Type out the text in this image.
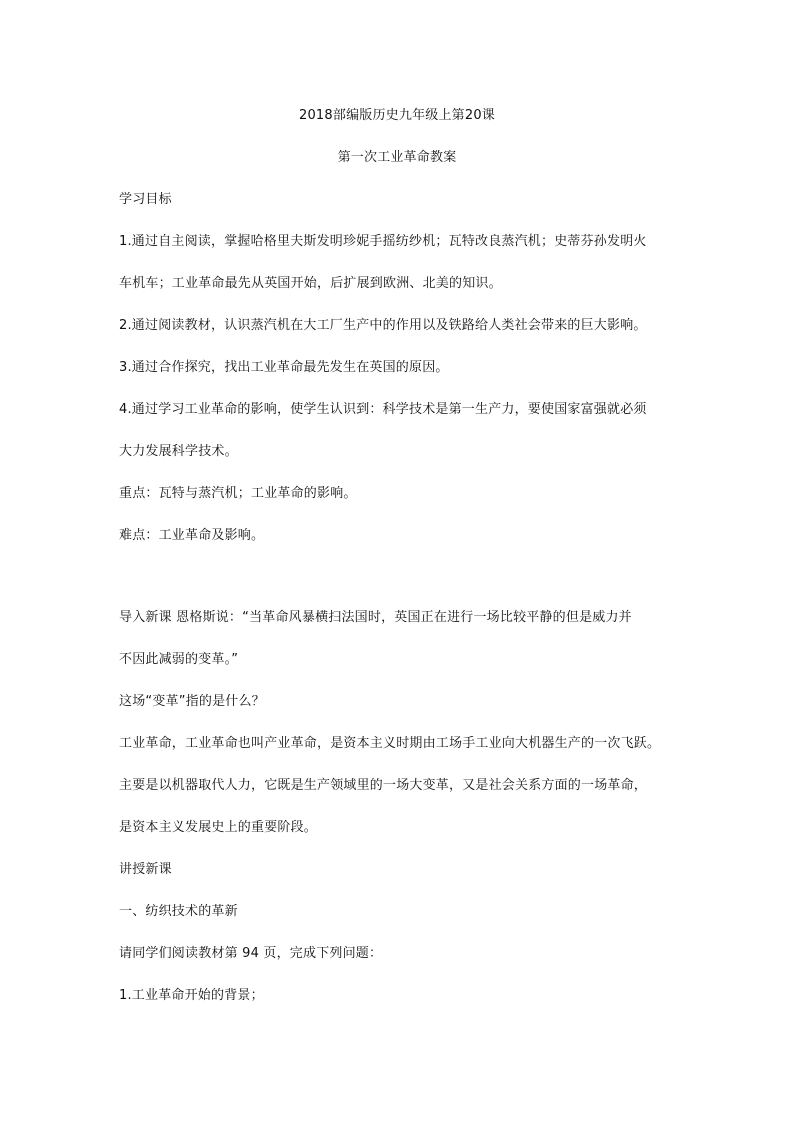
2018部编版历史九年级上第20课
第一次工业革命教案
学习目标
1.通过自主阅读，掌握哈格里夫斯发明珍妮手摇纺纱机；瓦特改良蒸汽机；史蒂芬孙发明火
车机车；工业革命最先从英国开始，后扩展到欧洲、北美的知识。
2.通过阅读教材，认识蒸汽机在大工厂生产中的作用以及铁路给人类社会带来的巨大影响。
3.通过合作探究，找出工业革命最先发生在英国的原因。
4.通过学习工业革命的影响，使学生认识到：科学技术是第一生产力，要使国家富强就必须
大力发展科学技术。
重点：瓦特与蒸汽机；工业革命的影响。
难点：工业革命及影响。
导入新课 恩格斯说：“当革命风暴横扫法国时，英国正在进行一场比较平静的但是威力并
不因此减弱的变革。”
这场“变革”指的是什么？
工业革命，工业革命也叫产业革命，是资本主义时期由工场手工业向大机器生产的一次飞跃。
主要是以机器取代人力，它既是生产领域里的一场大变革，又是社会关系方面的一场革命，
是资本主义发展史上的重要阶段。
讲授新课
一、纺织技术的革新
请同学们阅读教材第 94 页，完成下列问题：
1.工业革命开始的背景；
